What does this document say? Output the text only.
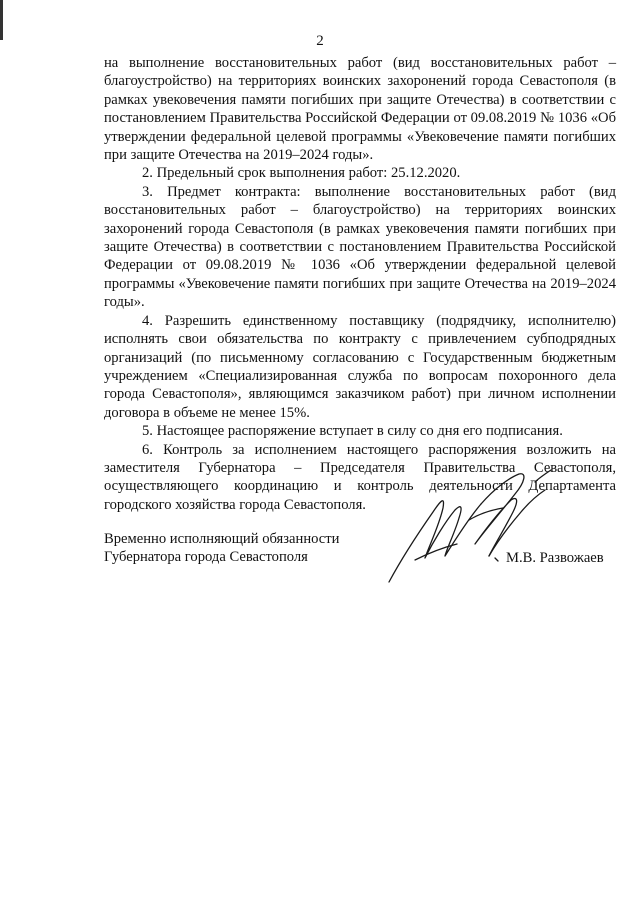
2

на выполнение восстановительных работ (вид восстановительных работ – благоустройство) на территориях воинских захоронений города Севастополя (в рамках увековечения памяти погибших при защите Отечества) в соответствии с постановлением Правительства Российской Федерации от 09.08.2019 № 1036 «Об утверждении федеральной целевой программы «Увековечение памяти погибших при защите Отечества на 2019–2024 годы».

2. Предельный срок выполнения работ: 25.12.2020.

3. Предмет контракта: выполнение восстановительных работ (вид восстановительных работ – благоустройство) на территориях воинских захоронений города Севастополя (в рамках увековечения памяти погибших при защите Отечества) в соответствии с постановлением Правительства Российской Федерации от 09.08.2019 № 1036 «Об утверждении федеральной целевой программы «Увековечение памяти погибших при защите Отечества на 2019–2024 годы».

4. Разрешить единственному поставщику (подрядчику, исполнителю) исполнять свои обязательства по контракту с привлечением субподрядных организаций (по письменному согласованию с Государственным бюджетным учреждением «Специализированная служба по вопросам похоронного дела города Севастополя», являющимся заказчиком работ) при личном исполнении договора в объеме не менее 15%.

5. Настоящее распоряжение вступает в силу со дня его подписания.

6. Контроль за исполнением настоящего распоряжения возложить на заместителя Губернатора – Председателя Правительства Севастополя, осуществляющего координацию и контроль деятельности Департамента городского хозяйства города Севастополя.

Временно исполняющий обязанности
Губернатора города Севастополя	М.В. Развожаев
